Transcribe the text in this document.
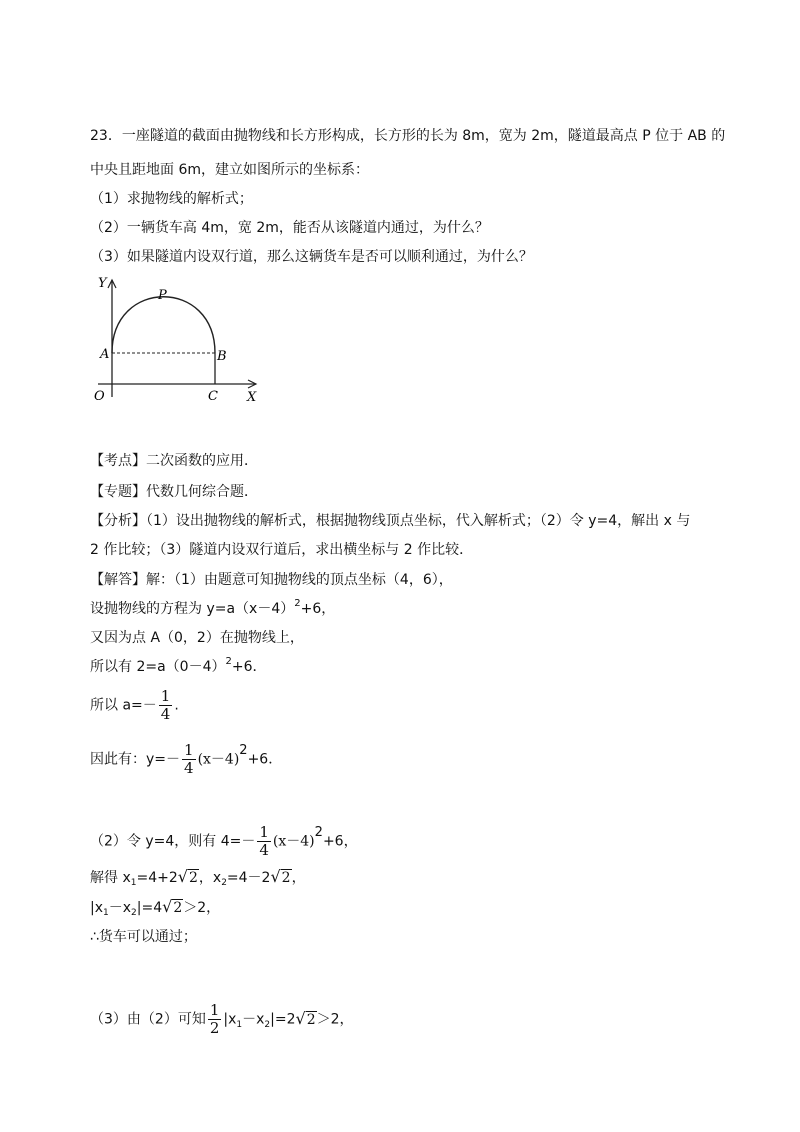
23．一座隧道的截面由抛物线和长方形构成，长方形的长为 8m，宽为 2m，隧道最高点 P 位于 AB 的
中央且距地面 6m，建立如图所示的坐标系：
（1）求抛物线的解析式；
（2）一辆货车高 4m，宽 2m，能否从该隧道内通过，为什么？
（3）如果隧道内设双行道，那么这辆货车是否可以顺利通过，为什么？
Y
P
A	B
O	C X
【考点】二次函数的应用．
【专题】代数几何综合题．
【分析】（1）设出抛物线的解析式，根据抛物线顶点坐标，代入解析式；（2）令 y=4，解出 x 与
2 作比较；（3）隧道内设双行道后，求出横坐标与 2 作比较．
【解答】解：（1）由题意可知抛物线的顶点坐标（4，6），
设抛物线的方程为 $y=a(x-4)^2+6$，
又因为点 A（0，2）在抛物线上，
所以有 $2=a(0-4)^2+6$．
所以 $a=- \frac{1}{4}$ .
因此有：$y=- \frac{1}{4} (x-4)2+6$．
（2）令 y=4，则有 $4=- \frac{1}{4} (x-4)2+6$，
解得 $x_1=4+2√2$，$x_2=4-2√2$，
$|x_1-x_2|=4√2>2$，
∴货车可以通过；
（3）由（2）可知 $\frac{1}{2} |x_1-x_2|=2√2>2$，
